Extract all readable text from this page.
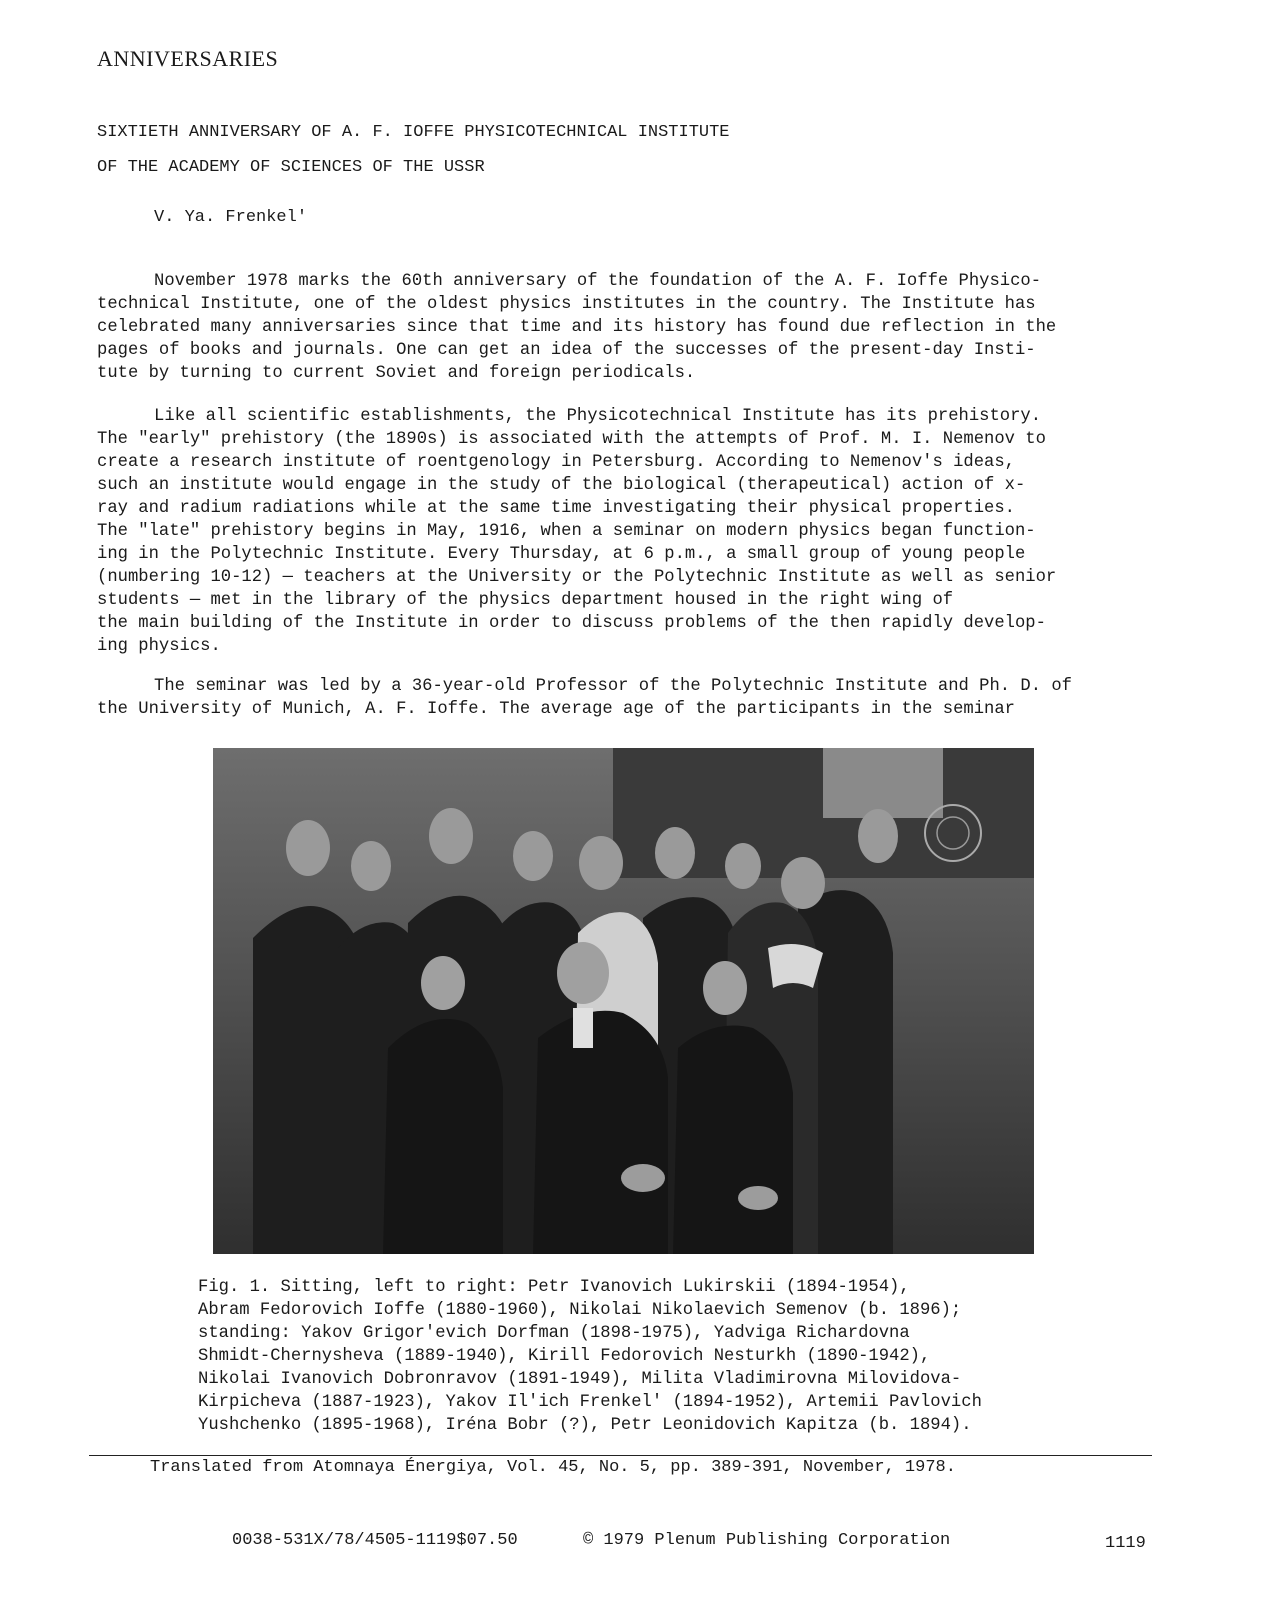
ANNIVERSARIES
SIXTIETH ANNIVERSARY OF A. F. IOFFE PHYSICOTECHNICAL INSTITUTE
OF THE ACADEMY OF SCIENCES OF THE USSR
V. Ya. Frenkel'
November 1978 marks the 60th anniversary of the foundation of the A. F. Ioffe Physico-
technical Institute, one of the oldest physics institutes in the country. The Institute has
celebrated many anniversaries since that time and its history has found due reflection in the
pages of books and journals. One can get an idea of the successes of the present-day Insti-
tute by turning to current Soviet and foreign periodicals.
Like all scientific establishments, the Physicotechnical Institute has its prehistory.
The "early" prehistory (the 1890s) is associated with the attempts of Prof. M. I. Nemenov to
create a research institute of roentgenology in Petersburg. According to Nemenov's ideas,
such an institute would engage in the study of the biological (therapeutical) action of x-
ray and radium radiations while at the same time investigating their physical properties.
The "late" prehistory begins in May, 1916, when a seminar on modern physics began function-
ing in the Polytechnic Institute. Every Thursday, at 6 p.m., a small group of young people
(numbering 10-12) — teachers at the University or the Polytechnic Institute as well as senior
students — met in the library of the physics department housed in the right wing of
the main building of the Institute in order to discuss problems of the then rapidly develop-
ing physics.
The seminar was led by a 36-year-old Professor of the Polytechnic Institute and Ph. D. of
the University of Munich, A. F. Ioffe. The average age of the participants in the seminar
Fig. 1. Sitting, left to right: Petr Ivanovich Lukirskii (1894-1954),
Abram Fedorovich Ioffe (1880-1960), Nikolai Nikolaevich Semenov (b. 1896);
standing: Yakov Grigor'evich Dorfman (1898-1975), Yadviga Richardovna
Shmidt-Chernysheva (1889-1940), Kirill Fedorovich Nesturkh (1890-1942),
Nikolai Ivanovich Dobronravov (1891-1949), Milita Vladimirovna Milovidova-
Kirpicheva (1887-1923), Yakov Il'ich Frenkel' (1894-1952), Artemii Pavlovich
Yushchenko (1895-1968), Iréna Bobr (?), Petr Leonidovich Kapitza (b. 1894).
Translated from Atomnaya Énergiya, Vol. 45, No. 5, pp. 389-391, November, 1978.
0038-531X/78/4505-1119$07.50	© 1979 Plenum Publishing Corporation	1119
